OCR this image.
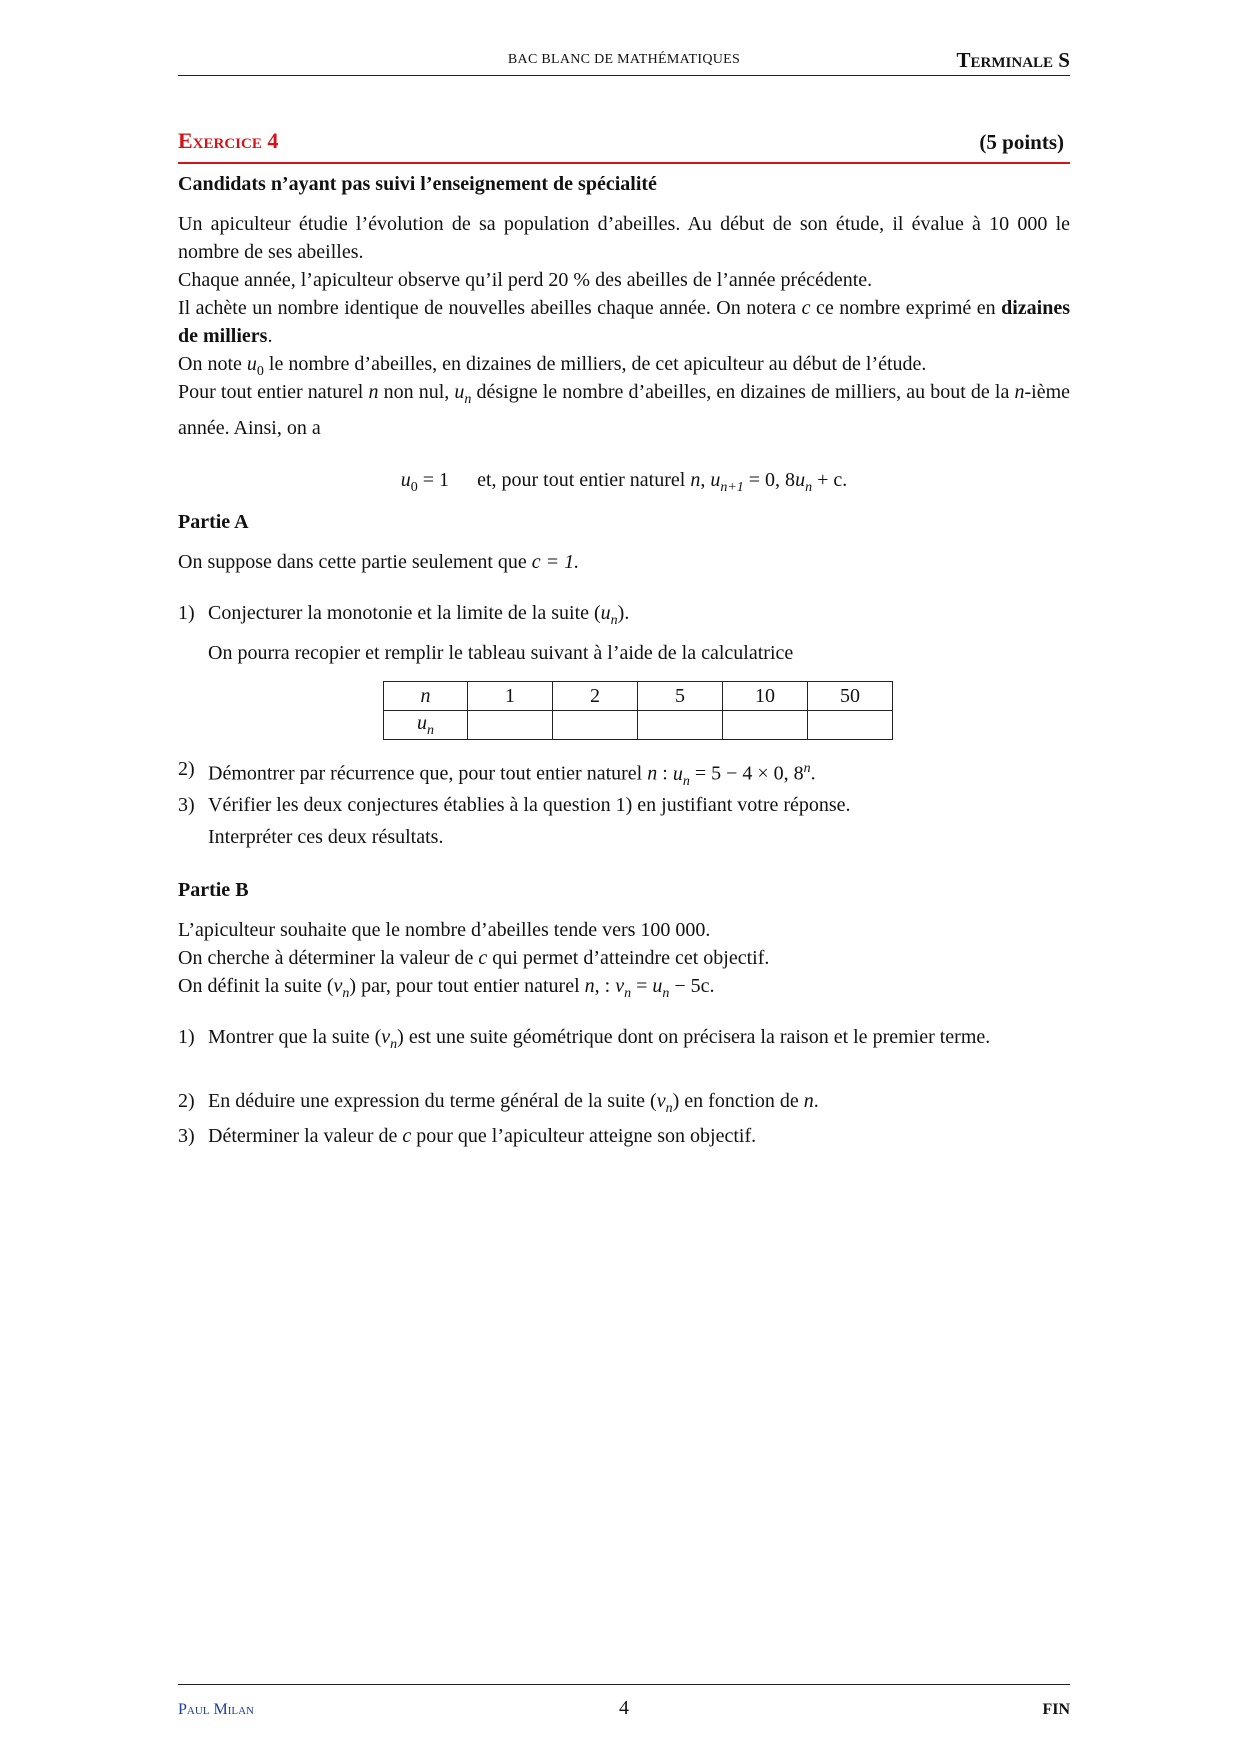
BAC BLANC DE MATHÉMATIQUES	Terminale S
Exercice 4	(5 points)
Candidats n’ayant pas suivi l’enseignement de spécialité
Un apiculteur étudie l’évolution de sa population d’abeilles. Au début de son étude, il évalue à 10 000 le nombre de ses abeilles.
Chaque année, l’apiculteur observe qu’il perd 20 % des abeilles de l’année précédente.
Il achète un nombre identique de nouvelles abeilles chaque année. On notera c ce nombre exprimé en dizaines de milliers.
On note $u_0$ le nombre d’abeilles, en dizaines de milliers, de cet apiculteur au début de l’étude.
Pour tout entier naturel n non nul, $u_n$ désigne le nombre d’abeilles, en dizaines de milliers, au bout de la n-ième année. Ainsi, on a
$u_0 = 1$ et, pour tout entier naturel n, $u_{n+1} = 0$, $8u_n + c$.
Partie A
On suppose dans cette partie seulement que c = 1.
1) Conjecturer la monotonie et la limite de la suite $(u_n)$.
On pourra recopier et remplir le tableau suivant à l’aide de la calculatrice
n	1	2	5	10	50
$u_n$					
2) Démontrer par récurrence que, pour tout entier naturel n : $u_n = 5 - 4 \times 0$, 8$^n$.
3) Vérifier les deux conjectures établies à la question 1) en justifiant votre réponse.
Interpréter ces deux résultats.
Partie B
L’apiculteur souhaite que le nombre d’abeilles tende vers 100 000.
On cherche à déterminer la valeur de c qui permet d’atteindre cet objectif.
On définit la suite $(v_n)$ par, pour tout entier naturel n, : $v_n = u_n - 5c$.
1) Montrer que la suite $(v_n)$ est une suite géométrique dont on précisera la raison et le premier terme.
2) En déduire une expression du terme général de la suite $(v_n)$ en fonction de n.
3) Déterminer la valeur de c pour que l’apiculteur atteigne son objectif.
Paul Milan	4	FIN
